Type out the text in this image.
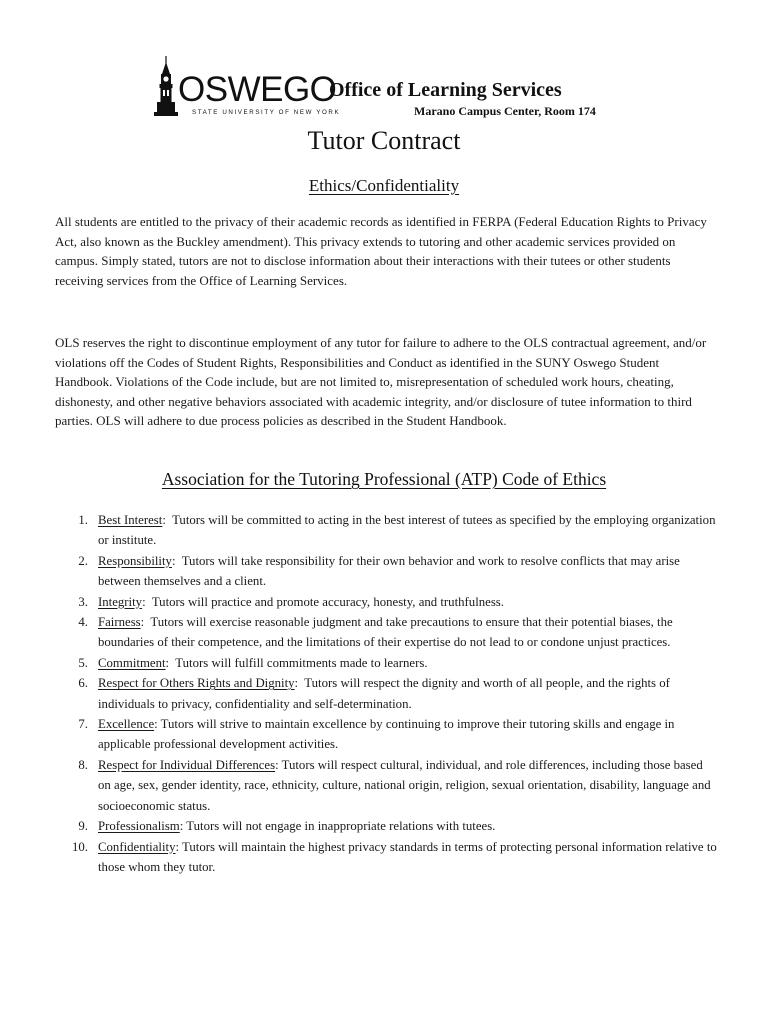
OSWEGO
STATE UNIVERSITY OF NEW YORK
Office of Learning Services
Marano Campus Center, Room 174
Tutor Contract
Ethics/Confidentiality
All students are entitled to the privacy of their academic records as identified in FERPA (Federal Education Rights to Privacy Act, also known as the Buckley amendment). This privacy extends to tutoring and other academic services provided on campus. Simply stated, tutors are not to disclose information about their interactions with their tutees or other students receiving services from the Office of Learning Services.
OLS reserves the right to discontinue employment of any tutor for failure to adhere to the OLS contractual agreement, and/or violations off the Codes of Student Rights, Responsibilities and Conduct as identified in the SUNY Oswego Student Handbook. Violations of the Code include, but are not limited to, misrepresentation of scheduled work hours, cheating, dishonesty, and other negative behaviors associated with academic integrity, and/or disclosure of tutee information to third parties. OLS will adhere to due process policies as described in the Student Handbook.
Association for the Tutoring Professional (ATP) Code of Ethics
1. Best Interest:  Tutors will be committed to acting in the best interest of tutees as specified by the employing organization or institute.
2. Responsibility:  Tutors will take responsibility for their own behavior and work to resolve conflicts that may arise between themselves and a client.
3. Integrity:  Tutors will practice and promote accuracy, honesty, and truthfulness.
4. Fairness:  Tutors will exercise reasonable judgment and take precautions to ensure that their potential biases, the boundaries of their competence, and the limitations of their expertise do not lead to or condone unjust practices.
5. Commitment:  Tutors will fulfill commitments made to learners.
6. Respect for Others Rights and Dignity:  Tutors will respect the dignity and worth of all people, and the rights of individuals to privacy, confidentiality and self-determination.
7. Excellence: Tutors will strive to maintain excellence by continuing to improve their tutoring skills and engage in applicable professional development activities.
8. Respect for Individual Differences: Tutors will respect cultural, individual, and role differences, including those based on age, sex, gender identity, race, ethnicity, culture, national origin, religion, sexual orientation, disability, language and socioeconomic status.
9. Professionalism: Tutors will not engage in inappropriate relations with tutees.
10. Confidentiality: Tutors will maintain the highest privacy standards in terms of protecting personal information relative to those whom they tutor.
